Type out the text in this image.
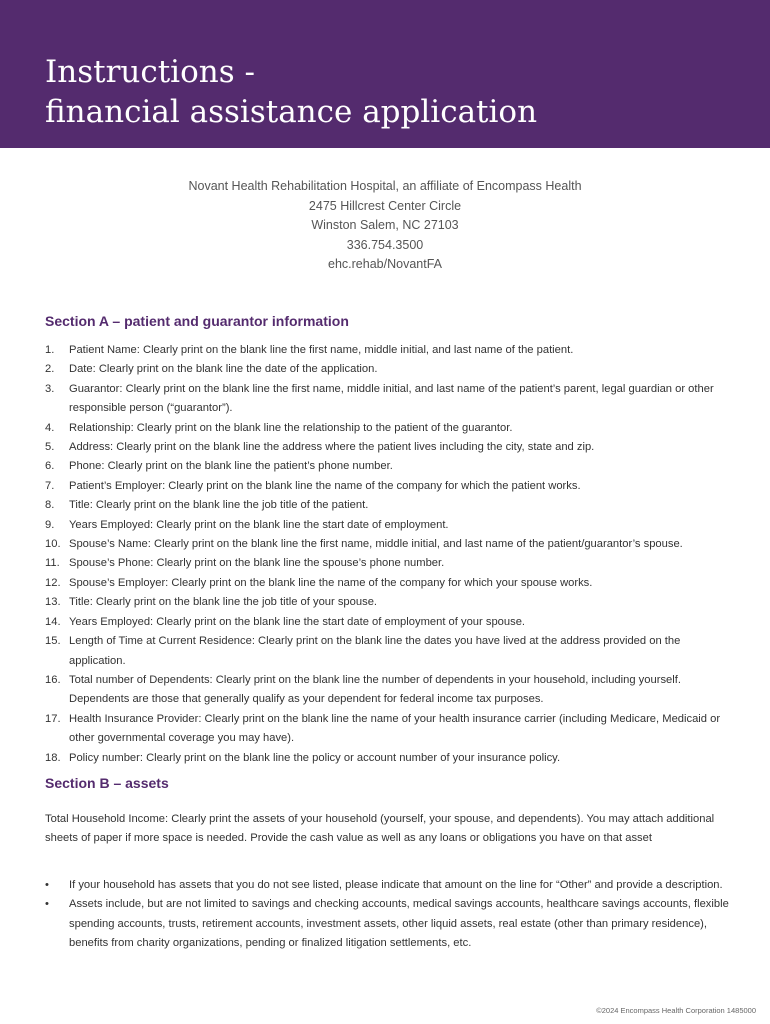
Instructions -
financial assistance application
Novant Health Rehabilitation Hospital, an affiliate of Encompass Health
2475 Hillcrest Center Circle
Winston Salem, NC 27103
336.754.3500
ehc.rehab/NovantFA
Section A – patient and guarantor information
1. Patient Name: Clearly print on the blank line the first name, middle initial, and last name of the patient.
2. Date: Clearly print on the blank line the date of the application.
3. Guarantor: Clearly print on the blank line the first name, middle initial, and last name of the patient’s parent, legal guardian or other responsible person (“guarantor”).
4. Relationship: Clearly print on the blank line the relationship to the patient of the guarantor.
5. Address: Clearly print on the blank line the address where the patient lives including the city, state and zip.
6. Phone: Clearly print on the blank line the patient’s phone number.
7. Patient’s Employer: Clearly print on the blank line the name of the company for which the patient works.
8. Title: Clearly print on the blank line the job title of the patient.
9. Years Employed: Clearly print on the blank line the start date of employment.
10. Spouse’s Name: Clearly print on the blank line the first name, middle initial, and last name of the patient/guarantor’s spouse.
11. Spouse’s Phone: Clearly print on the blank line the spouse’s phone number.
12. Spouse’s Employer: Clearly print on the blank line the name of the company for which your spouse works.
13. Title: Clearly print on the blank line the job title of your spouse.
14. Years Employed: Clearly print on the blank line the start date of employment of your spouse.
15. Length of Time at Current Residence: Clearly print on the blank line the dates you have lived at the address provided on the application.
16. Total number of Dependents: Clearly print on the blank line the number of dependents in your household, including yourself. Dependents are those that generally qualify as your dependent for federal income tax purposes.
17. Health Insurance Provider: Clearly print on the blank line the name of your health insurance carrier (including Medicare, Medicaid or other governmental coverage you may have).
18. Policy number: Clearly print on the blank line the policy or account number of your insurance policy.
Section B – assets

Total Household Income: Clearly print the assets of your household (yourself, your spouse, and dependents). You may attach additional sheets of paper if more space is needed. Provide the cash value as well as any loans or obligations you have on that asset

• If your household has assets that you do not see listed, please indicate that amount on the line for “Other” and provide a description.
• Assets include, but are not limited to savings and checking accounts, medical savings accounts, healthcare savings accounts, flexible spending accounts, trusts, retirement accounts, investment assets, other liquid assets, real estate (other than primary residence), benefits from charity organizations, pending or finalized litigation settlements, etc.
©2024 Encompass Health Corporation 1485000
